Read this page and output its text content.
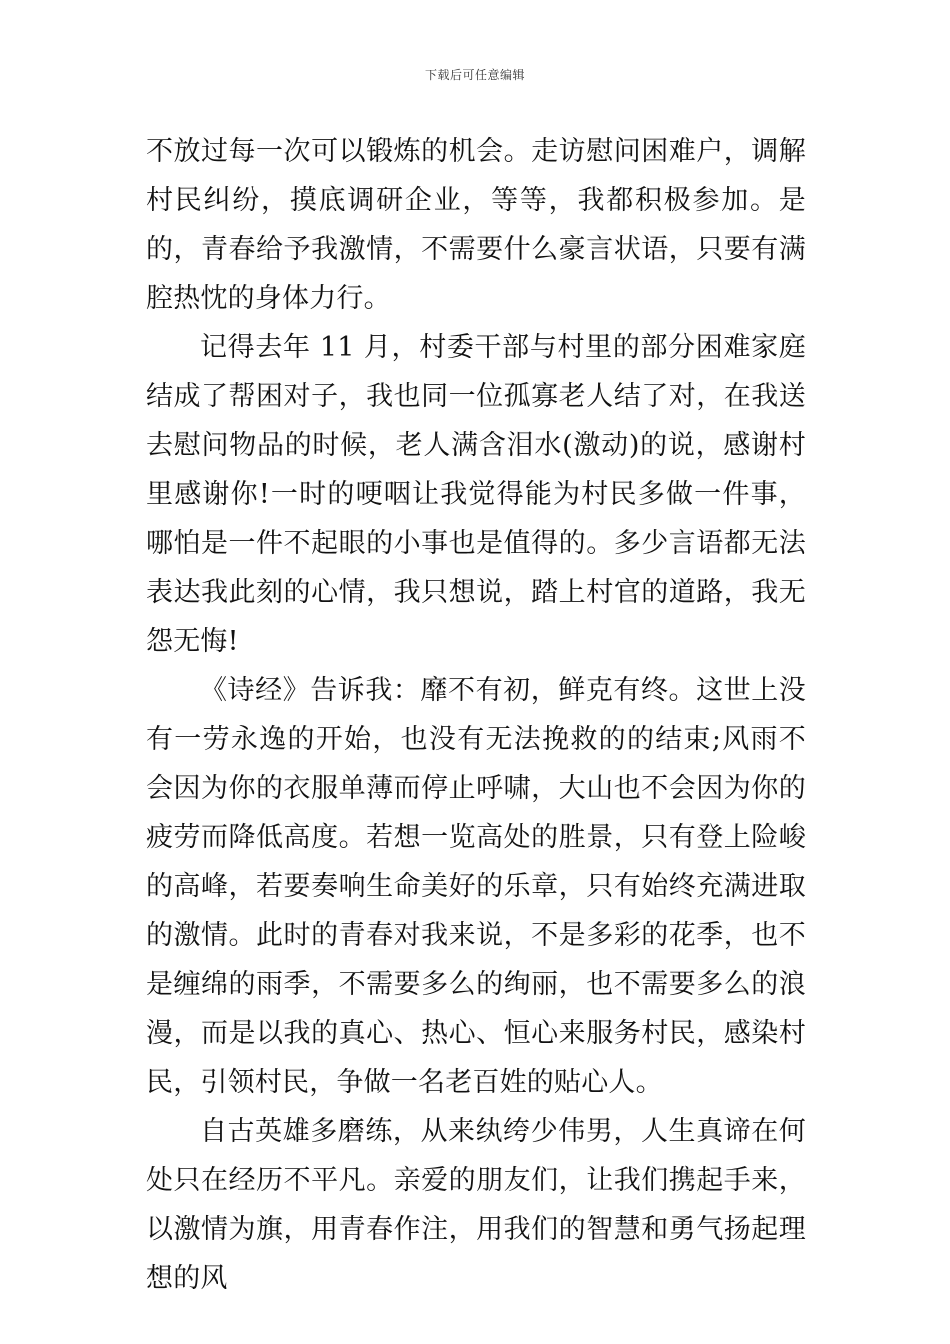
下载后可任意编辑

不放过每一次可以锻炼的机会。走访慰问困难户，调解村民纠纷，摸底调研企业，等等，我都积极参加。是的，青春给予我激情，不需要什么豪言状语，只要有满腔热忱的身体力行。

记得去年 11 月，村委干部与村里的部分困难家庭结成了帮困对子，我也同一位孤寡老人结了对，在我送去慰问物品的时候，老人满含泪水(激动)的说，感谢村里感谢你!一时的哽咽让我觉得能为村民多做一件事，哪怕是一件不起眼的小事也是值得的。多少言语都无法表达我此刻的心情，我只想说，踏上村官的道路，我无怨无悔!

《诗经》告诉我：靡不有初，鲜克有终。这世上没有一劳永逸的开始，也没有无法挽救的的结束;风雨不会因为你的衣服单薄而停止呼啸，大山也不会因为你的疲劳而降低高度。若想一览高处的胜景，只有登上险峻的高峰，若要奏响生命美好的乐章，只有始终充满进取的激情。此时的青春对我来说，不是多彩的花季，也不是缠绵的雨季，不需要多么的绚丽，也不需要多么的浪漫，而是以我的真心、热心、恒心来服务村民，感染村民，引领村民，争做一名老百姓的贴心人。

自古英雄多磨练，从来纨绔少伟男，人生真谛在何处只在经历不平凡。亲爱的朋友们，让我们携起手来，以激情为旗，用青春作注，用我们的智慧和勇气扬起理想的风
